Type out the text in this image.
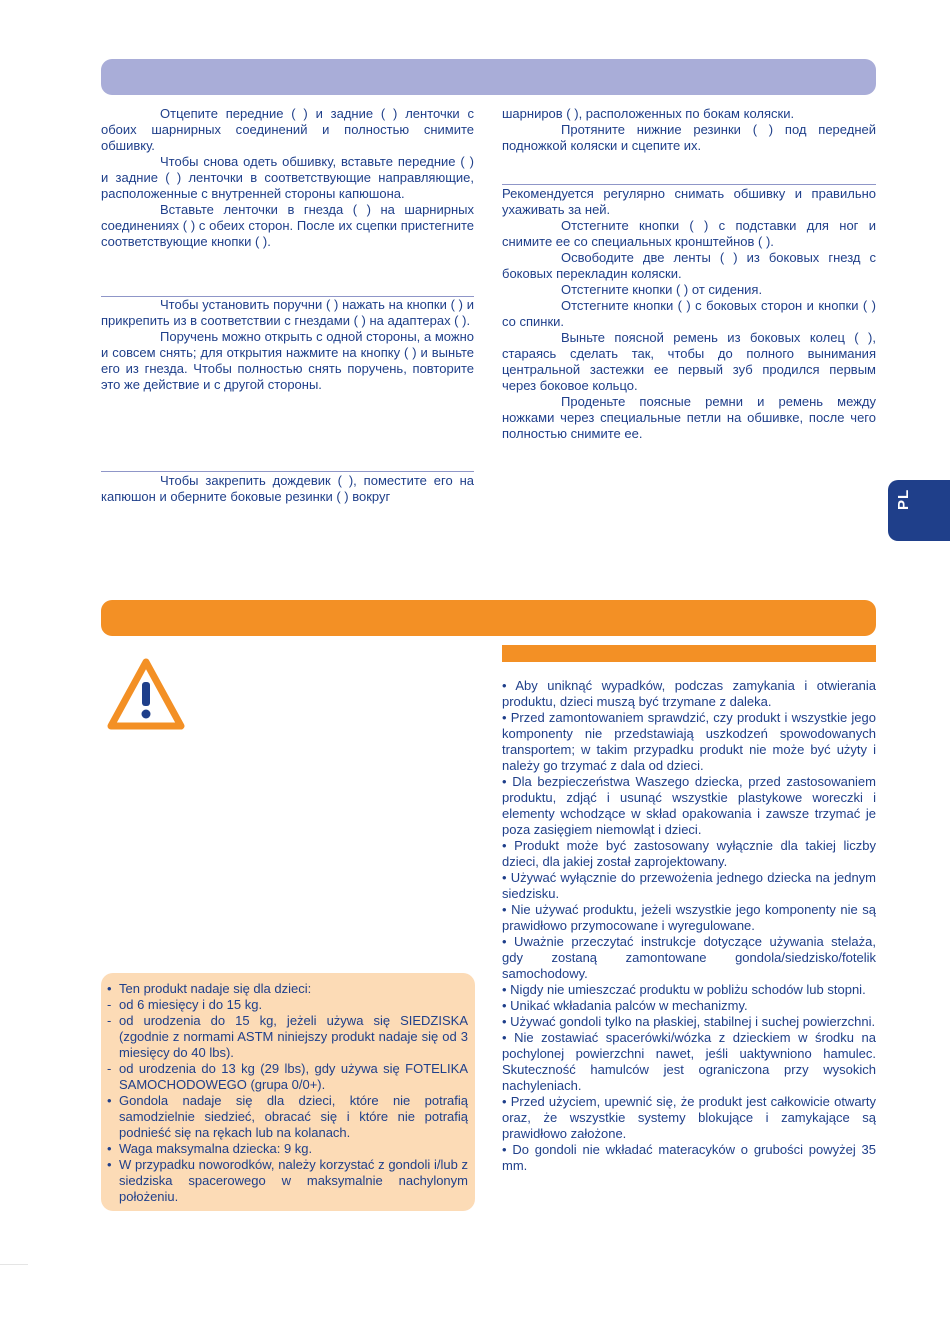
Отцепите передние ( ) и задние ( ) ленточки с обоих шарнирных соединений и полностью снимите обшивку.

Чтобы снова одеть обшивку, вставьте передние ( ) и задние ( ) ленточки в соответствующие направляющие, расположенные с внутренней стороны капюшона.

Вставьте ленточки в гнезда ( ) на шарнирных соединениях ( ) с обеих сторон. После их сцепки пристегните соответствующие кнопки ( ).

Чтобы установить поручни ( ) нажать на кнопки ( ) и прикрепить из в соответствии с гнездами ( ) на адаптерах ( ).

Поручень можно открыть с одной стороны, а можно и совсем снять; для открытия нажмите на кнопку ( ) и выньте его из гнезда. Чтобы полностью снять поручень, повторите это же действие и с другой стороны.

Чтобы закрепить дождевик ( ), поместите его на капюшон и оберните боковые резинки ( ) вокруг

шарниров ( ), расположенных по бокам коляски.

Протяните нижние резинки ( ) под передней подножкой коляски и сцепите их.

Рекомендуется регулярно снимать обшивку и правильно ухаживать за ней.

Отстегните кнопки ( ) с подставки для ног и снимите ее со специальных кронштейнов ( ).

Освободите две ленты ( ) из боковых гнезд с боковых перекладин коляски.

Отстегните кнопки ( ) от сидения.

Отстегните кнопки ( ) с боковых сторон и кнопки ( ) со спинки.

Выньте поясной ремень из боковых колец ( ), стараясь сделать так, чтобы до полного вынимания центральной застежки ее первый зуб продился первым через боковое кольцо.

Проденьте поясные ремни и ремень между ножками через специальные петли на обшивке, после чего полностью снимите ее.

PL
• Ten produkt nadaje się dla dzieci:
- od 6 miesięcy i do 15 kg.
- od urodzenia do 15 kg, jeżeli używa się SIEDZISKA (zgodnie z normami ASTM niniejszy produkt nadaje się od 3 miesięcy do 40 lbs).
- od urodzenia do 13 kg (29 lbs), gdy używa się FOTELIKA SAMOCHODOWEGO (grupa 0/0+).
• Gondola nadaje się dla dzieci, które nie potrafią samodzielnie siedzieć, obracać się i które nie potrafią podnieść się na rękach lub na kolanach.
• Waga maksymalna dziecka: 9 kg.
• W przypadku noworodków, należy korzystać z gondoli i/lub z siedziska spacerowego w maksymalnie nachylonym położeniu.

• Aby uniknąć wypadków, podczas zamykania i otwierania produktu, dzieci muszą być trzymane z daleka.

• Przed zamontowaniem sprawdzić, czy produkt i wszystkie jego komponenty nie przedstawiają uszkodzeń spowodowanych transportem; w takim przypadku produkt nie może być użyty i należy go trzymać z dala od dzieci.

• Dla bezpieczeństwa Waszego dziecka, przed zastosowaniem produktu, zdjąć i usunąć wszystkie plastykowe woreczki i elementy wchodzące w skład opakowania i zawsze trzymać je poza zasięgiem niemowląt i dzieci.

• Produkt może być zastosowany wyłącznie dla takiej liczby dzieci, dla jakiej został zaprojektowany.

• Używać wyłącznie do przewożenia jednego dziecka na jednym siedzisku.

• Nie używać produktu, jeżeli wszystkie jego komponenty nie są prawidłowo przymocowane i wyregulowane.

• Uważnie przeczytać instrukcje dotyczące używania stelaża, gdy zostaną zamontowane gondola/siedzisko/fotelik samochodowy.

• Nigdy nie umieszczać produktu w pobliżu schodów lub stopni.

• Unikać wkładania palców w mechanizmy.

• Używać gondoli tylko na płaskiej, stabilnej i suchej powierzchni.

• Nie zostawiać spacerówki/wózka z dzieckiem w środku na pochylonej powierzchni nawet, jeśli uaktywniono hamulec. Skuteczność hamulców jest ograniczona przy wysokich nachyleniach.

• Przed użyciem, upewnić się, że produkt jest całkowicie otwarty oraz, że wszystkie systemy blokujące i zamykające są prawidłowo założone.

• Do gondoli nie wkładać materacyków o grubości powyżej 35 mm.
